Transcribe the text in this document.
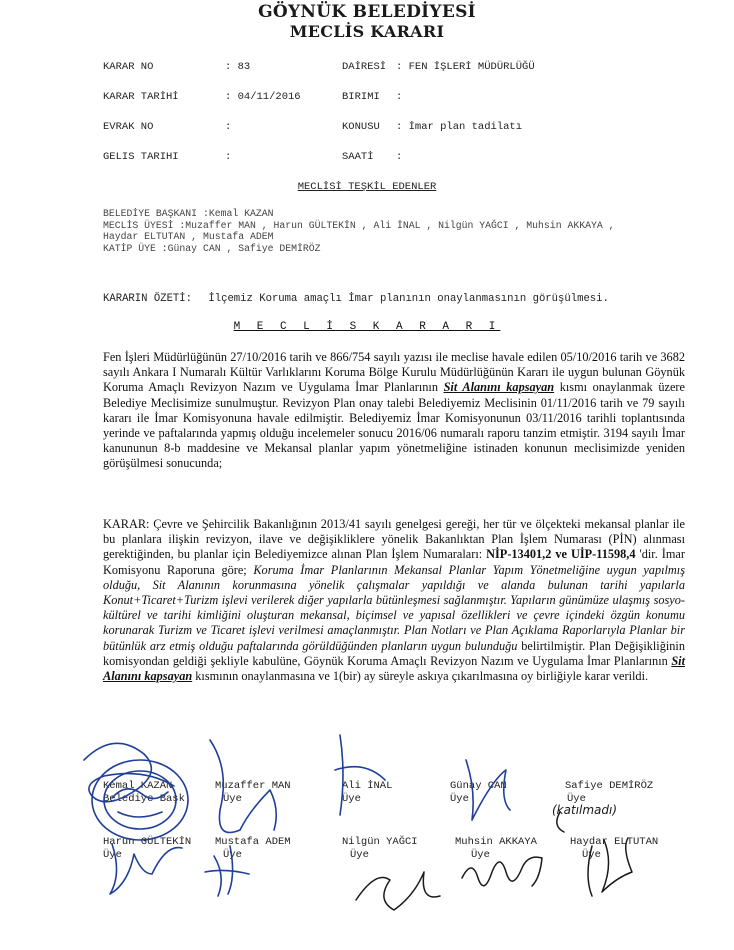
GÖYNÜK BELEDİYESİ
MECLİS KARARI
KARAR NO	: 83	DAİRESİ : FEN İŞLERİ MÜDÜRLÜĞÜ
KARAR TARİHİ	: 04/11/2016	BIRIMI :
EVRAK NO	:	KONUSU : İmar plan tadilatı
GELIS TARIHI	:	SAATİ :
MECLİSİ TEŞKİL EDENLER
BELEDİYE BAŞKANI :Kemal KAZAN
MECLİS ÜYESİ :Muzaffer MAN , Harun GÜLTEKİN , Ali İNAL , Nilgün YAĞCI , Muhsin AKKAYA ,
Haydar ELTUTAN , Mustafa ADEM
KATİP ÜYE :Günay CAN , Safiye DEMİRÖZ
KARARIN ÖZETİ: İlçemiz Koruma amaçlı İmar planının onaylanmasının görüşülmesi.
M E C L İ S K A R A R I

Fen İşleri Müdürlüğünün 27/10/2016 tarih ve 866/754 sayılı yazısı ile meclise havale edilen 05/10/2016 tarih ve 3682 sayılı Ankara I Numaralı Kültür Varlıklarını Koruma Bölge Kurulu Müdürlüğünün Kararı ile uygun bulunan Göynük Koruma Amaçlı Revizyon Nazım ve Uygulama İmar Planlarının Sit Alanını kapsayan kısmı onaylanmak üzere Belediye Meclisimize sunulmuştur. Revizyon Plan onay talebi Belediyemiz Meclisinin 01/11/2016 tarih ve 79 sayılı kararı ile İmar Komisyonuna havale edilmiştir. Belediyemiz İmar Komisyonunun 03/11/2016 tarihli toplantısında yerinde ve paftalarında yapmış olduğu incelemeler sonucu 2016/06 numaralı raporu tanzim etmiştir. 3194 sayılı İmar kanununun 8-b maddesine ve Mekansal planlar yapım yönetmeliğine istinaden konunun meclisimizde yeniden görüşülmesi sonucunda;

KARAR: Çevre ve Şehircilik Bakanlığının 2013/41 sayılı genelgesi gereği, her tür ve ölçekteki mekansal planlar ile bu planlara ilişkin revizyon, ilave ve değişikliklere yönelik Bakanlıktan Plan İşlem Numarası (PİN) alınması gerektiğinden, bu planlar için Belediyemizce alınan Plan İşlem Numaraları: NİP-13401,2 ve UİP-11598,4 'dir. İmar Komisyonu Raporuna göre; Koruma İmar Planlarının Mekansal Planlar Yapım Yönetmeliğine uygun yapılmış olduğu, Sit Alanının korunmasına yönelik çalışmalar yapıldığı ve alanda bulunan tarihi yapılarla Konut+Ticaret+Turizm işlevi verilerek diğer yapılarla bütünleşmesi sağlanmıştır. Yapıların günümüze ulaşmış sosyo-kültürel ve tarihi kimliğini oluşturan mekansal, biçimsel ve yapısal özellikleri ve çevre içindeki özgün konumu korunarak Turizm ve Ticaret işlevi verilmesi amaçlanmıştır. Plan Notları ve Plan Açıklama Raporlarıyla Planlar bir bütünlük arz etmiş olduğu paftalarında görüldüğünden planların uygun bulunduğu belirtilmiştir. Plan Değişikliğinin komisyondan geldiği şekliyle kabulüne, Göynük Koruma Amaçlı Revizyon Nazım ve Uygulama İmar Planlarının Sit Alanını kapsayan kısmının onaylanmasına ve 1(bir) ay süreyle askıya çıkarılmasına oy birliğiyle karar verildi.

Kemal KAZAN
Belediye Başk.
Muzaffer MAN
Üye
Ali İNAL
Üye
Günay CAN
Üye
Safiye DEMİRÖZ
Üye
(katılmadı)
Harun GÜLTEKİN
Üye
Mustafa ADEM
Üye
Nilgün YAĞCI
Üye
Muhsin AKKAYA
Üye
Haydar ELTUTAN
Üye
